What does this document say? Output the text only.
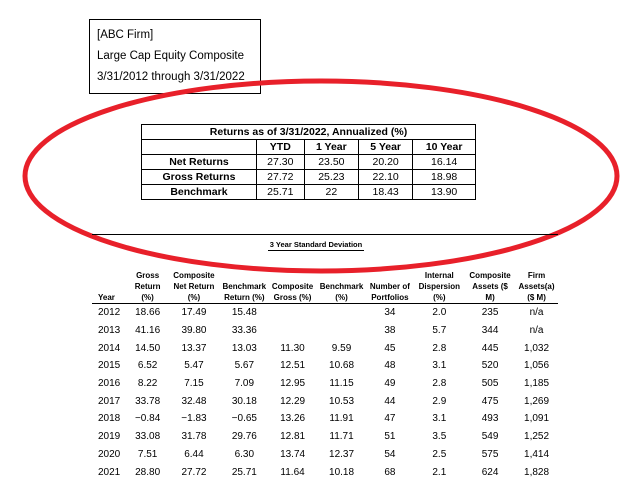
[ABC Firm]
Large Cap Equity Composite
3/31/2012 through 3/31/2022
Returns as of 3/31/2022, Annualized (%)				
	YTD	1 Year	5 Year	10 Year
Net Returns	27.30	23.50	20.20	16.14
Gross Returns	27.72	25.23	22.10	18.98
Benchmark	25.71	22	18.43	13.90
3 Year Standard Deviation
Year	Gross Return (%)	Composite Net Return (%)	Benchmark Return (%)	Composite Gross (%)	Benchmark (%)	Number of Portfolios	Internal Dispersion (%)	Composite Assets ($ M)	Firm Assets(a) ($ M)
2012	18.66	17.49	15.48			34	2.0	235	n/a
2013	41.16	39.80	33.36			38	5.7	344	n/a
2014	14.50	13.37	13.03	11.30	9.59	45	2.8	445	1,032
2015	6.52	5.47	5.67	12.51	10.68	48	3.1	520	1,056
2016	8.22	7.15	7.09	12.95	11.15	49	2.8	505	1,185
2017	33.78	32.48	30.18	12.29	10.53	44	2.9	475	1,269
2018	−0.84	−1.83	−0.65	13.26	11.91	47	3.1	493	1,091
2019	33.08	31.78	29.76	12.81	11.71	51	3.5	549	1,252
2020	7.51	6.44	6.30	13.74	12.37	54	2.5	575	1,414
2021	28.80	27.72	25.71	11.64	10.18	68	2.1	624	1,828
